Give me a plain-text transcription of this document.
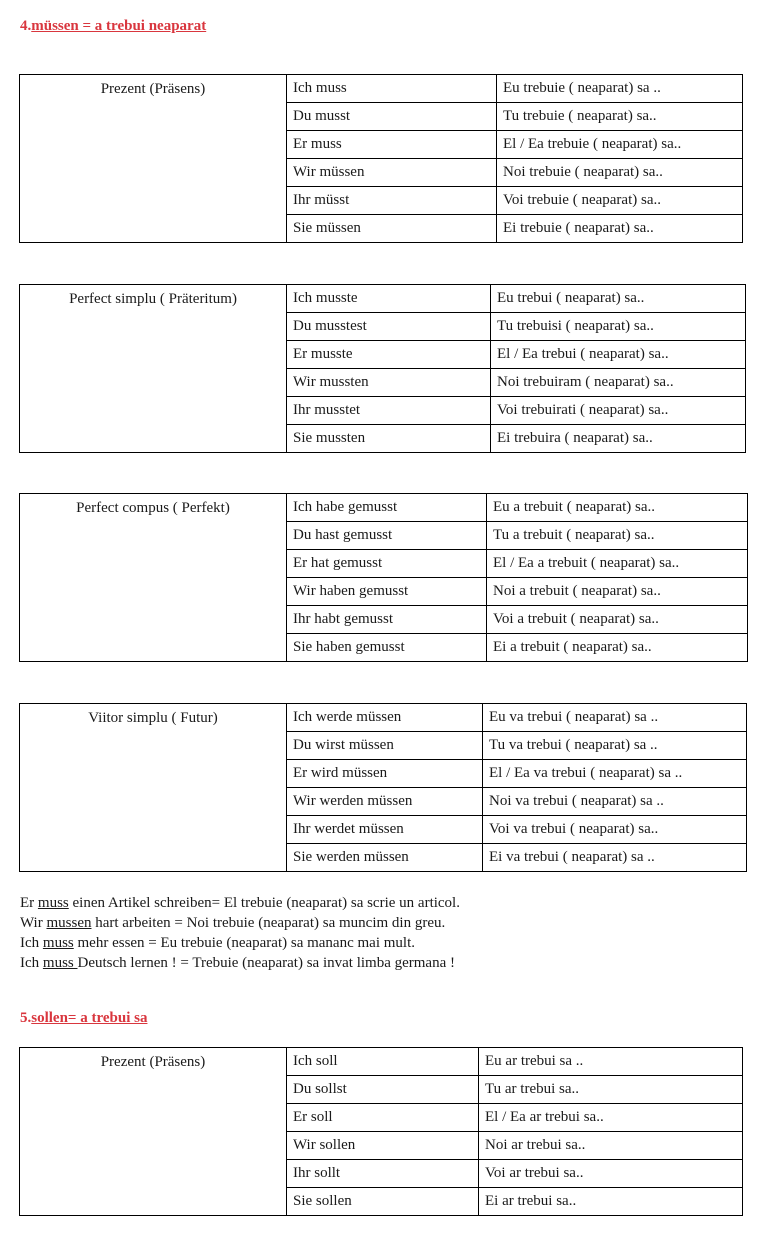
4.müssen = a trebui neaparat
Prezent (Präsens)	Ich muss	Eu trebuie ( neaparat) sa ..
	Du musst	Tu trebuie ( neaparat) sa..
	Er muss	El / Ea trebuie ( neaparat) sa..
	Wir müssen	Noi trebuie ( neaparat) sa..
	Ihr müsst	Voi trebuie ( neaparat) sa..
	Sie müssen	Ei trebuie ( neaparat) sa..
Perfect simplu ( Präteritum)	Ich musste	Eu trebui ( neaparat) sa..
	Du musstest	Tu trebuisi ( neaparat) sa..
	Er musste	El / Ea trebui ( neaparat) sa..
	Wir mussten	Noi trebuiram ( neaparat) sa..
	Ihr musstet	Voi trebuirati ( neaparat) sa..
	Sie mussten	Ei trebuira ( neaparat) sa..
Perfect compus ( Perfekt)	Ich habe gemusst	Eu a trebuit ( neaparat) sa..
	Du hast gemusst	Tu a trebuit ( neaparat) sa..
	Er hat gemusst	El / Ea a trebuit ( neaparat) sa..
	Wir haben gemusst	Noi a trebuit ( neaparat) sa..
	Ihr habt gemusst	Voi a trebuit ( neaparat) sa..
	Sie haben gemusst	Ei a trebuit ( neaparat) sa..
Viitor simplu ( Futur)	Ich werde müssen	Eu va trebui ( neaparat) sa ..
	Du wirst müssen	Tu va trebui ( neaparat) sa ..
	Er wird müssen	El / Ea va trebui ( neaparat) sa ..
	Wir werden müssen	Noi va trebui ( neaparat) sa ..
	Ihr werdet müssen	Voi va trebui ( neaparat) sa..
	Sie werden müssen	Ei va trebui ( neaparat) sa ..
Er muss einen Artikel schreiben= El trebuie (neaparat) sa scrie un articol.
Wir mussen hart arbeiten = Noi trebuie (neaparat) sa muncim din greu.
Ich muss mehr essen = Eu trebuie (neaparat) sa mananc mai mult.
Ich muss Deutsch lernen ! = Trebuie (neaparat) sa invat limba germana !
5.sollen= a trebui sa
Prezent (Präsens)	Ich soll	Eu ar trebui sa ..
	Du sollst	Tu ar trebui sa..
	Er soll	El / Ea ar trebui sa..
	Wir sollen	Noi ar trebui sa..
	Ihr sollt	Voi ar trebui sa..
	Sie sollen	Ei ar trebui sa..
